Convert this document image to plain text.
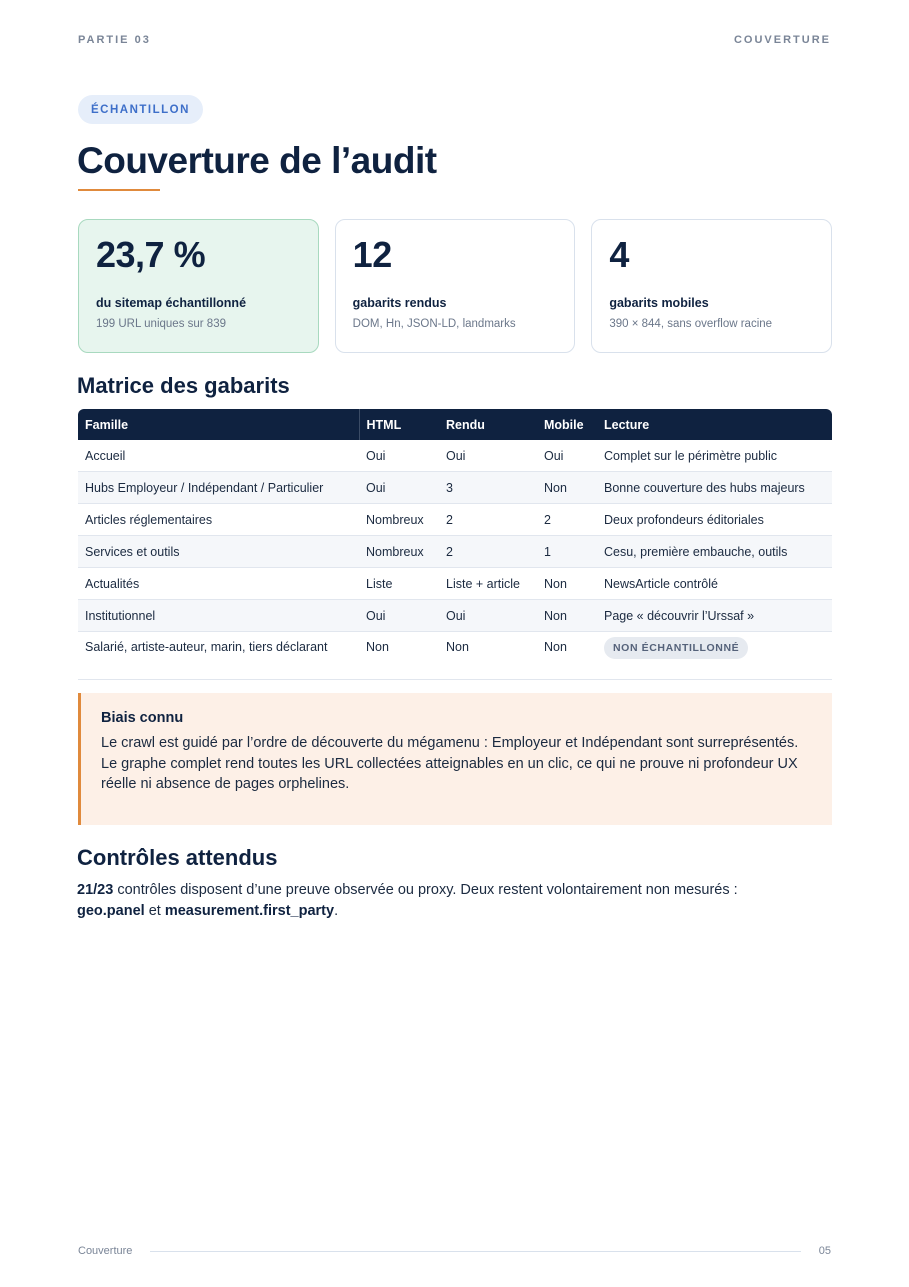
PARTIE 03	COUVERTURE
ÉCHANTILLON
Couverture de l’audit
23,7 %
du sitemap échantillonné
199 URL uniques sur 839
12
gabarits rendus
DOM, Hn, JSON-LD, landmarks
4
gabarits mobiles
390 × 844, sans overflow racine
Matrice des gabarits
Famille	HTML	Rendu	Mobile	Lecture
Accueil	Oui	Oui	Oui	Complet sur le périmètre public
Hubs Employeur / Indépendant / Particulier	Oui	3	Non	Bonne couverture des hubs majeurs
Articles réglementaires	Nombreux	2	2	Deux profondeurs éditoriales
Services et outils	Nombreux	2	1	Cesu, première embauche, outils
Actualités	Liste	Liste + article	Non	NewsArticle contrôlé
Institutionnel	Oui	Oui	Non	Page « découvrir l’Urssaf »
Salarié, artiste-auteur, marin, tiers déclarant	Non	Non	Non	NON ÉCHANTILLONNÉ
Biais connu
Le crawl est guidé par l’ordre de découverte du mégamenu : Employeur et Indépendant sont surreprésentés. Le graphe complet rend toutes les URL collectées atteignables en un clic, ce qui ne prouve ni profondeur UX réelle ni absence de pages orphelines.
Contrôles attendus

21/23 contrôles disposent d’une preuve observée ou proxy. Deux restent volontairement non mesurés : geo.panel et measurement.first_party.

Couverture	05
